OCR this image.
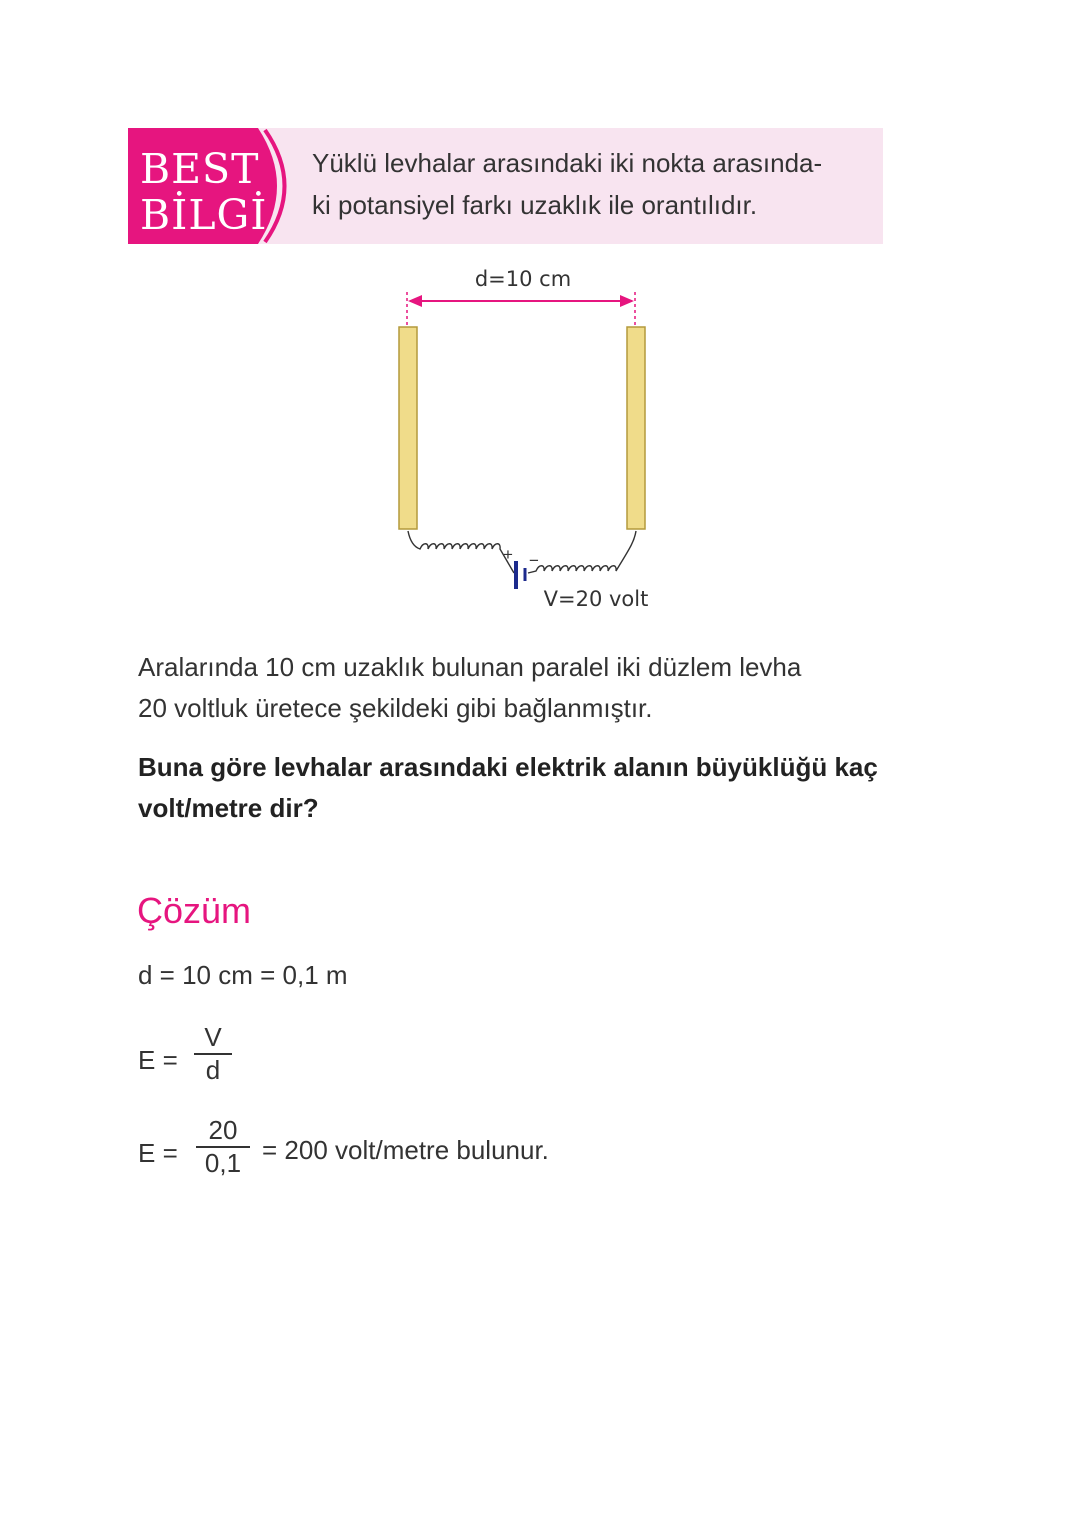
BEST
BİLGİ
Yüklü levhalar arasındaki iki nokta arasında-
ki potansiyel farkı uzaklık ile orantılıdır.
d=10 cm
+ −
V=20 volt
Aralarında 10 cm uzaklık bulunan paralel iki düzlem levha
20 voltluk üretece şekildeki gibi bağlanmıştır.
Buna göre levhalar arasındaki elektrik alanın büyüklüğü kaç
volt/metre dir?
Çözüm
d = 10 cm = 0,1 m
E =
V
d
E =
20
0,1 = 200 volt/metre bulunur.
